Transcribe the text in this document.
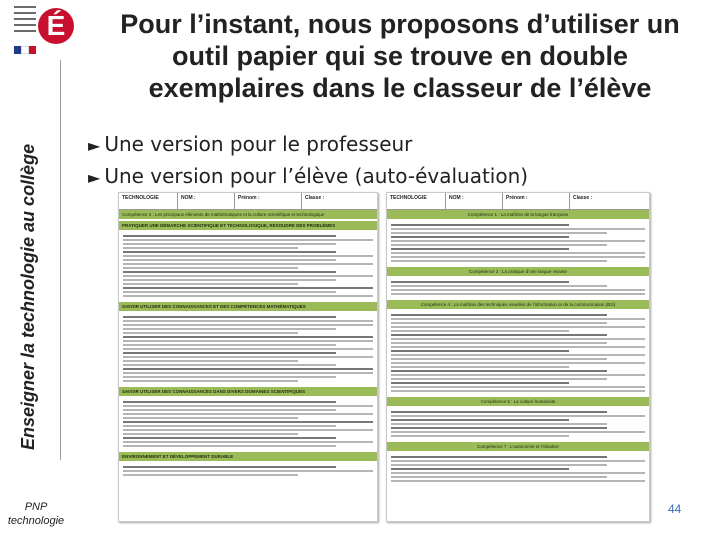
É
Enseigner la technologie au collège
PNP
technologie
Pour l’instant, nous proposons d’utiliser un outil papier qui se trouve en double exemplaires dans le classeur de l’élève
► Une version pour le professeur
► Une version pour l’élève (auto-évaluation)
TECHNOLOGIE	NOM :	Prénom :	Classe :
Compétence 3 : Les principaux éléments de mathématiques et la culture scientifique et technologique
PRATIQUER UNE DÉMARCHE SCIENTIFIQUE ET TECHNOLOGIQUE, RÉSOUDRE DES PROBLÈMES
SAVOIR UTILISER DES CONNAISSANCES ET DES COMPÉTENCES MATHÉMATIQUES
SAVOIR UTILISER DES CONNAISSANCES DANS DIVERS DOMAINES SCIENTIFIQUES
ENVIRONNEMENT ET DÉVELOPPEMENT DURABLE
TECHNOLOGIE	NOM :	Prénom :	Classe :
Compétence 1 : La maîtrise de la langue française
Compétence 2 : La pratique d’une langue vivante
Compétence 4 : La maîtrise des techniques usuelles de l’information et de la communication (B2i)
Compétence 5 : La culture humaniste
Compétence 7 : L’autonomie et l’initiative
44
